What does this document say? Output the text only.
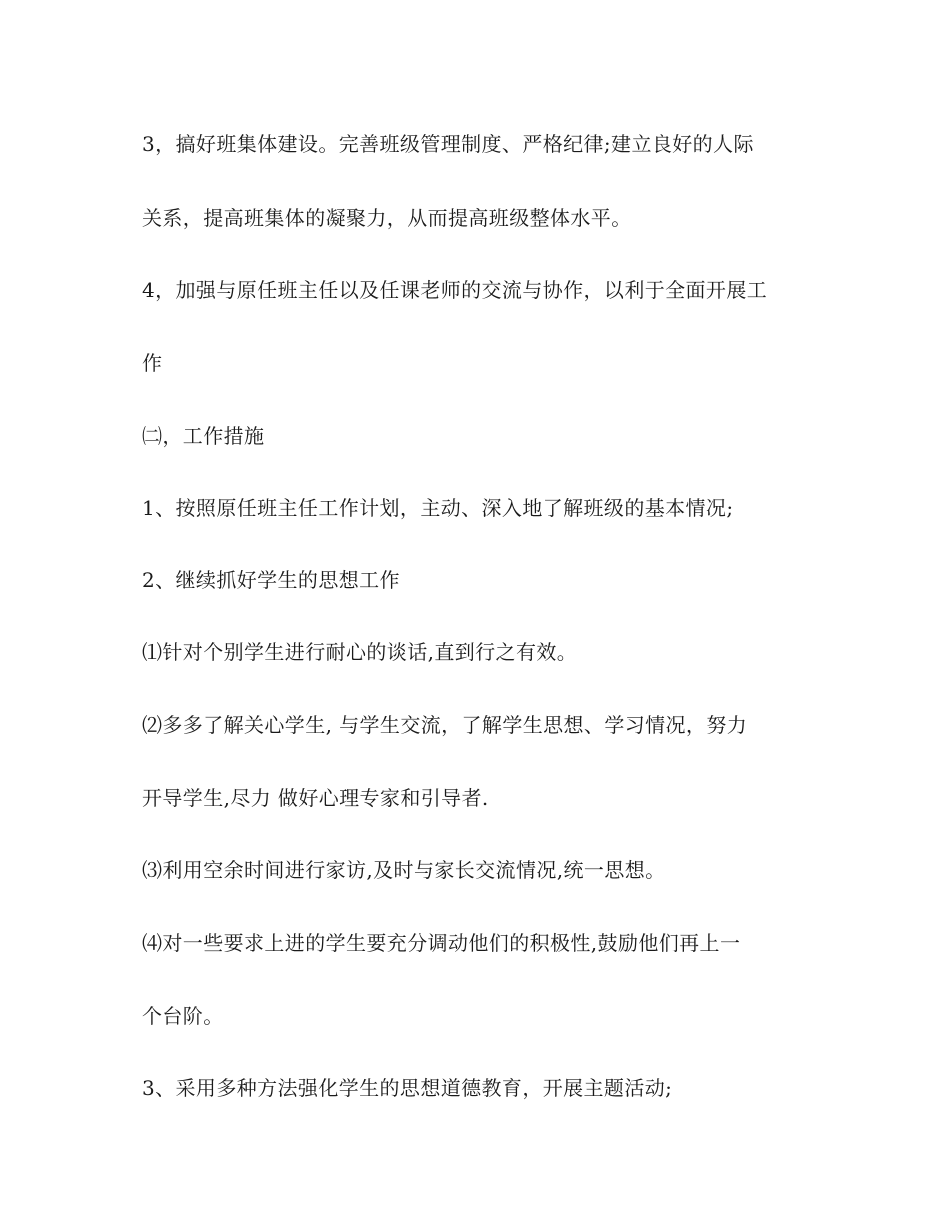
3，搞好班集体建设。完善班级管理制度、严格纪律;建立良好的人际

关系，提高班集体的凝聚力，从而提高班级整体水平。

4，加强与原任班主任以及任课老师的交流与协作，以利于全面开展工

作

㈡，工作措施

1、按照原任班主任工作计划，主动、深入地了解班级的基本情况;

2、继续抓好学生的思想工作

⑴针对个别学生进行耐心的谈话,直到行之有效。

⑵多多了解关心学生, 与学生交流，了解学生思想、学习情况，努力

开导学生,尽力 做好心理专家和引导者.

⑶利用空余时间进行家访,及时与家长交流情况,统一思想。

⑷对一些要求上进的学生要充分调动他们的积极性,鼓励他们再上一

个台阶。

3、采用多种方法强化学生的思想道德教育，开展主题活动;
